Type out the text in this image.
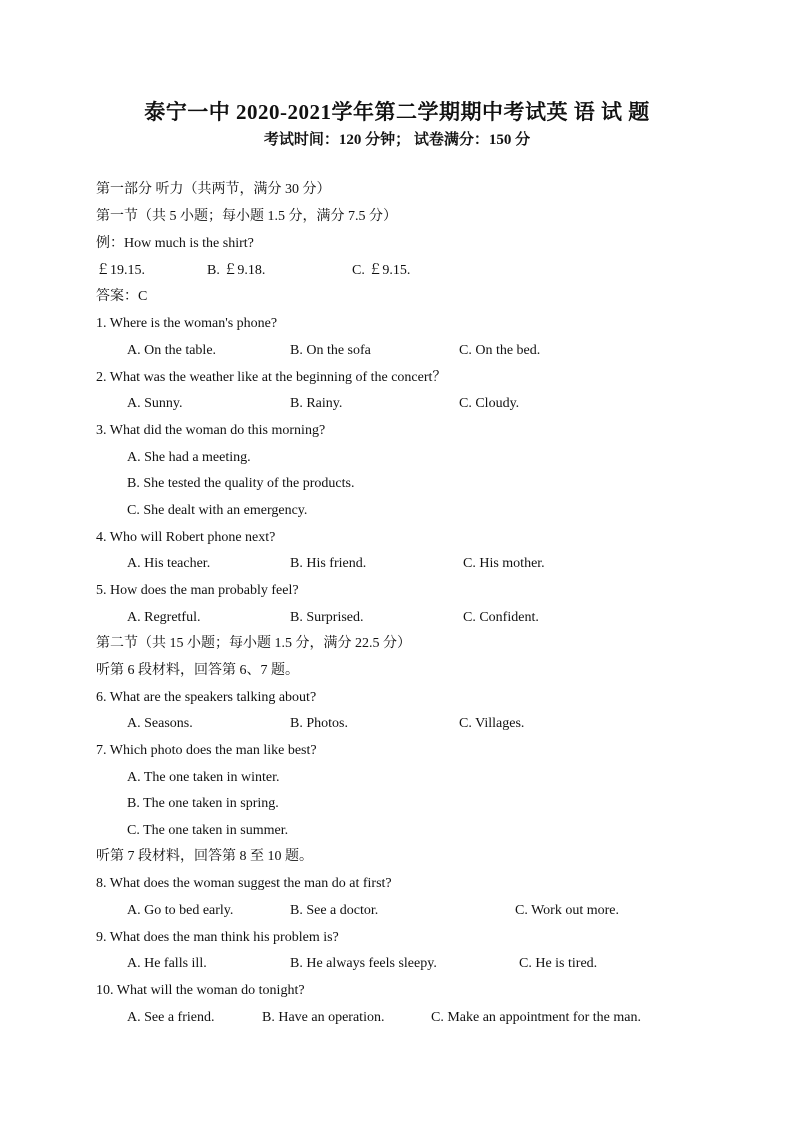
泰宁一中 2020-2021学年第二学期期中考试英 语 试 题
考试时间：120 分钟； 试卷满分：150 分
第一部分 听力（共两节，满分 30 分）
第一节（共 5 小题；每小题 1.5 分，满分 7.5 分）
例：How much is the shirt?
￡19.15.	B. ￡9.18.	C. ￡9.15.
答案：C
1. Where is the woman's phone?
A. On the table.	B. On the sofa	C. On the bed.
2. What was the weather like at the beginning of the concert？
A. Sunny.	B. Rainy.	C. Cloudy.
3. What did the woman do this morning?
A. She had a meeting.
B. She tested the quality of the products.
C. She dealt with an emergency.
4. Who will Robert phone next?
A. His teacher.	B. His friend.	C. His mother.
5. How does the man probably feel?
A. Regretful.	B. Surprised.	C. Confident.
第二节（共 15 小题；每小题 1.5 分，满分 22.5 分）
听第 6 段材料，回答第 6、7 题。
6. What are the speakers talking about?
A. Seasons.	B. Photos.	C. Villages.
7. Which photo does the man like best?
A. The one taken in winter.
B. The one taken in spring.
C. The one taken in summer.
听第 7 段材料，回答第 8 至 10 题。
8. What does the woman suggest the man do at first?
A. Go to bed early.	B. See a doctor.	C. Work out more.
9. What does the man think his problem is?
A. He falls ill.	B. He always feels sleepy.	C. He is tired.
10. What will the woman do tonight?
A. See a friend.	B. Have an operation.	C. Make an appointment for the man.
